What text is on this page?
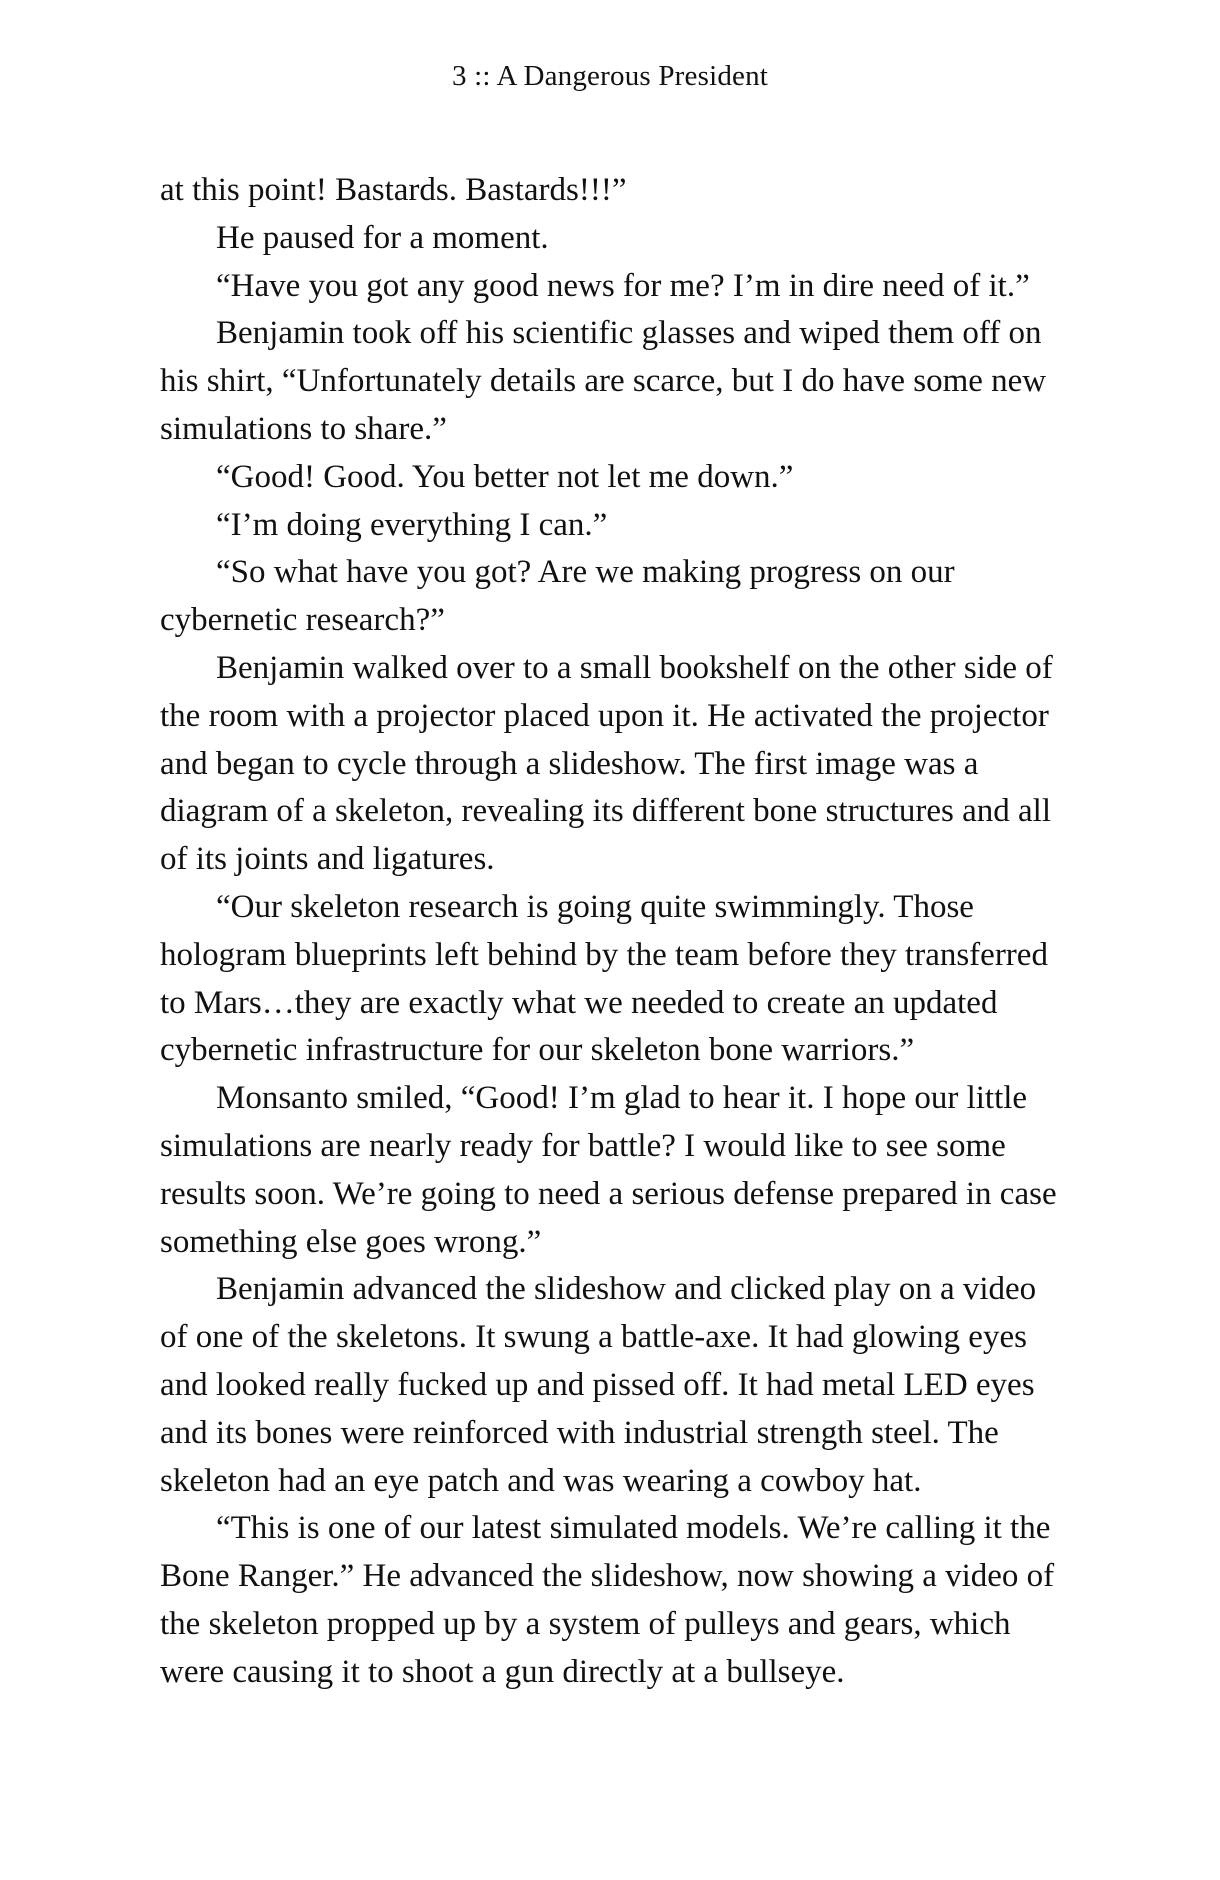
3 :: A Dangerous President

at this point! Bastards. Bastards!!!”

He paused for a moment.

“Have you got any good news for me? I’m in dire need of it.”

Benjamin took off his scientific glasses and wiped them off on his shirt, “Unfortunately details are scarce, but I do have some new simulations to share.”

“Good! Good. You better not let me down.”

“I’m doing everything I can.”

“So what have you got? Are we making progress on our cybernetic research?”

Benjamin walked over to a small bookshelf on the other side of the room with a projector placed upon it. He activated the projector and began to cycle through a slideshow. The first image was a diagram of a skeleton, revealing its different bone structures and all of its joints and ligatures.

“Our skeleton research is going quite swimmingly. Those hologram blueprints left behind by the team before they transferred to Mars…they are exactly what we needed to create an updated cybernetic infrastructure for our skeleton bone warriors.”

Monsanto smiled, “Good! I’m glad to hear it. I hope our little simulations are nearly ready for battle? I would like to see some results soon. We’re going to need a serious defense prepared in case something else goes wrong.”

Benjamin advanced the slideshow and clicked play on a video of one of the skeletons. It swung a battle-axe. It had glowing eyes and looked really fucked up and pissed off. It had metal LED eyes and its bones were reinforced with industrial strength steel. The skeleton had an eye patch and was wearing a cowboy hat.

“This is one of our latest simulated models. We’re calling it the Bone Ranger.” He advanced the slideshow, now showing a video of the skeleton propped up by a system of pulleys and gears, which were causing it to shoot a gun directly at a bullseye.
